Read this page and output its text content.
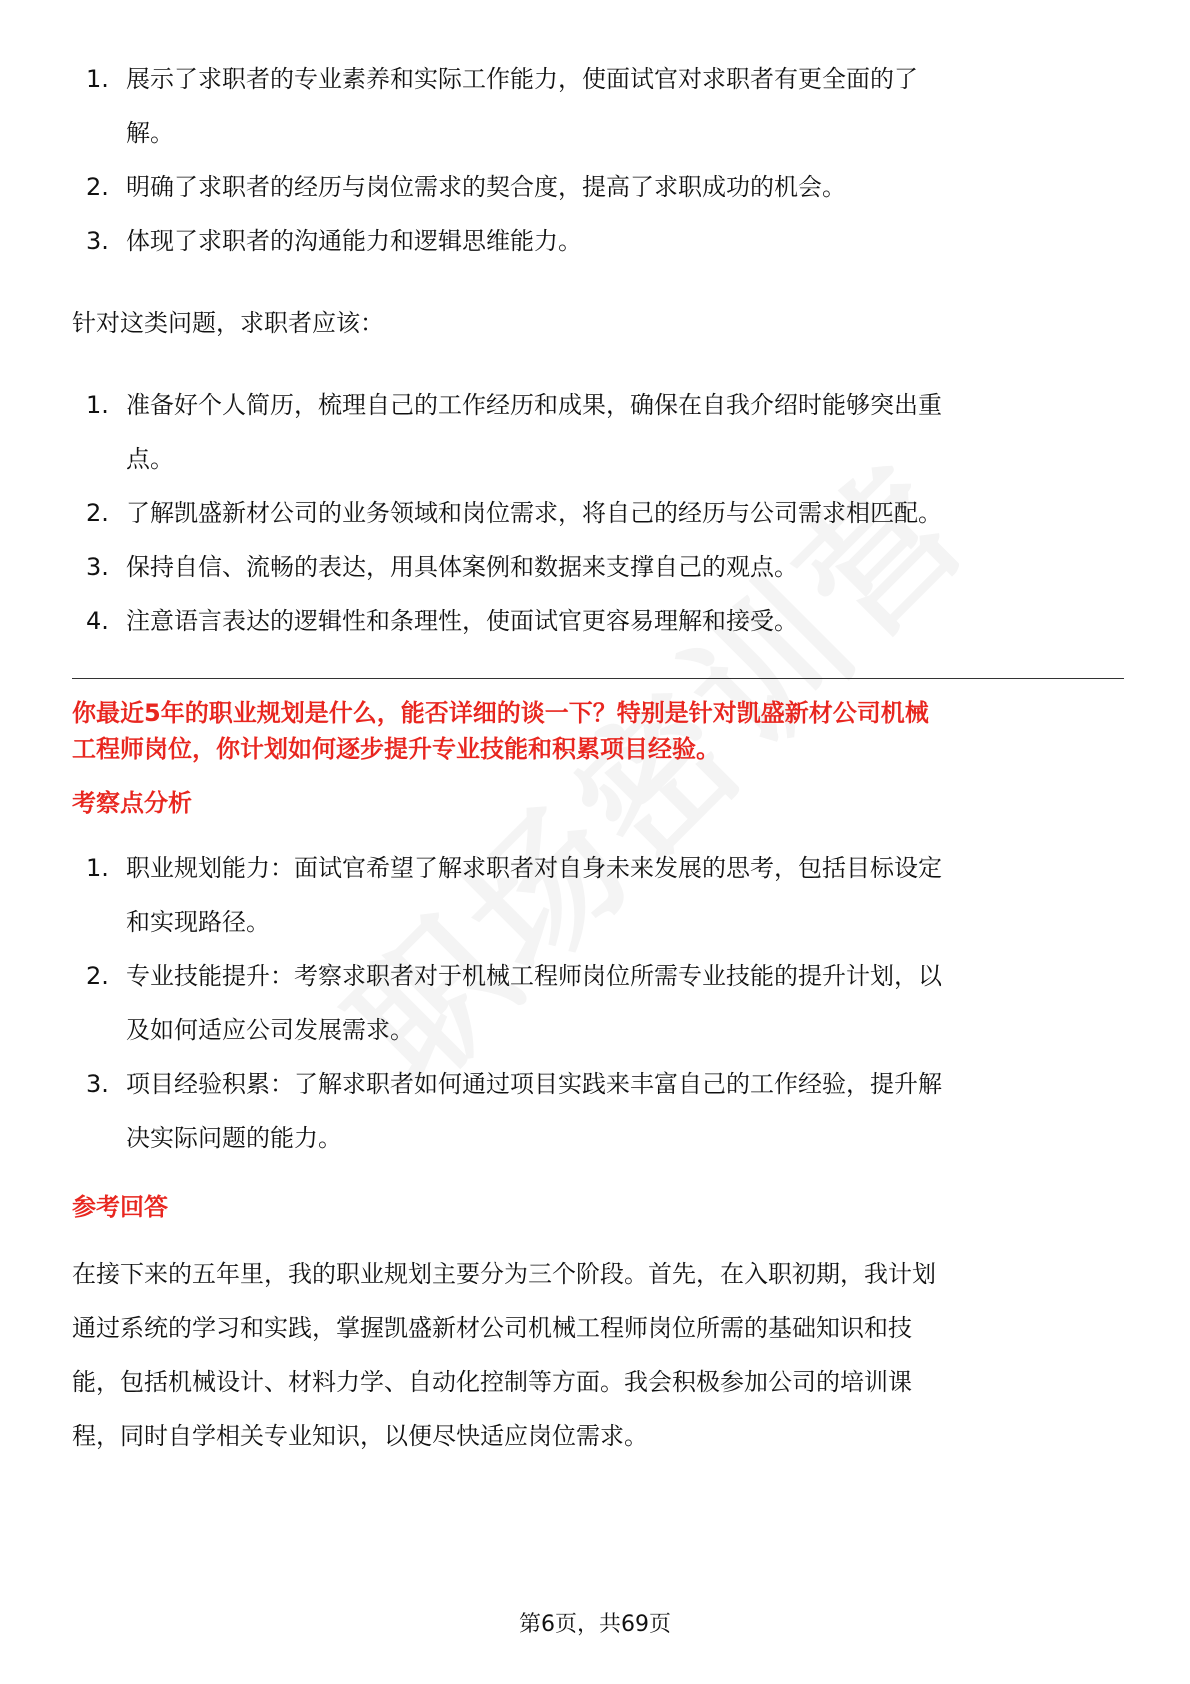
1. 展示了求职者的专业素养和实际工作能力，使面试官对求职者有更全面的了
解。
2. 明确了求职者的经历与岗位需求的契合度，提高了求职成功的机会。
3. 体现了求职者的沟通能力和逻辑思维能力。

针对这类问题，求职者应该：

1. 准备好个人简历，梳理自己的工作经历和成果，确保在自我介绍时能够突出重
点。
2. 了解凯盛新材公司的业务领域和岗位需求，将自己的经历与公司需求相匹配。
3. 保持自信、流畅的表达，用具体案例和数据来支撑自己的观点。
4. 注意语言表达的逻辑性和条理性，使面试官更容易理解和接受。

你最近5年的职业规划是什么，能否详细的谈一下？特别是针对凯盛新材公司机械
工程师岗位，你计划如何逐步提升专业技能和积累项目经验。

考察点分析

1. 职业规划能力：面试官希望了解求职者对自身未来发展的思考，包括目标设定
和实现路径。
2. 专业技能提升：考察求职者对于机械工程师岗位所需专业技能的提升计划，以
及如何适应公司发展需求。
3. 项目经验积累：了解求职者如何通过项目实践来丰富自己的工作经验，提升解
决实际问题的能力。

参考回答

在接下来的五年里，我的职业规划主要分为三个阶段。首先，在入职初期，我计划
通过系统的学习和实践，掌握凯盛新材公司机械工程师岗位所需的基础知识和技
能，包括机械设计、材料力学、自动化控制等方面。我会积极参加公司的培训课
程，同时自学相关专业知识，以便尽快适应岗位需求。

第6页，共69页
